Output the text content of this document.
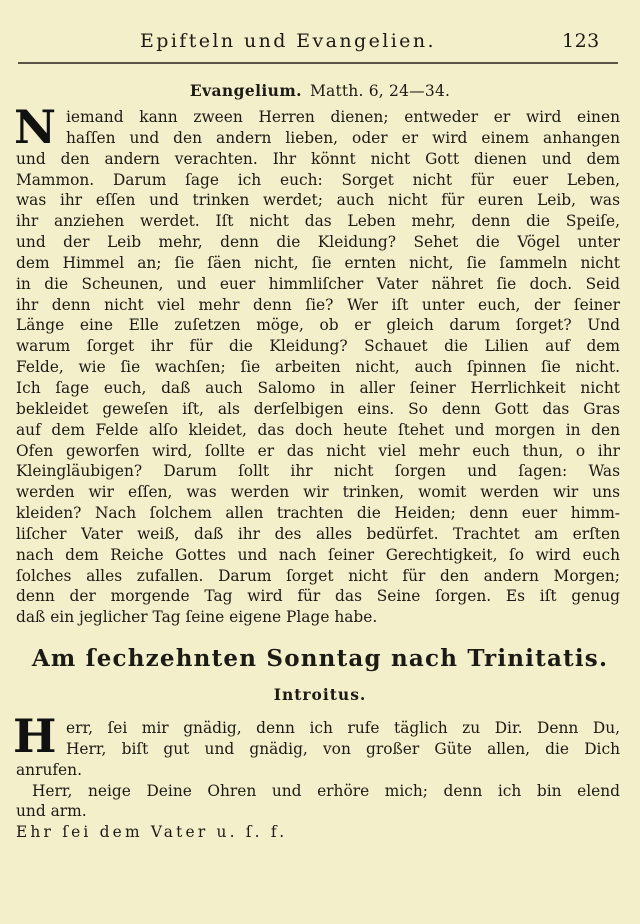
Epifteln und Evangelien.	123
Evangelium. Matth. 6, 24—34.
N iemand kann zween Herren dienen; entweder er wird einen
haſſen und den andern lieben, oder er wird einem anhangen
und den andern verachten. Ihr könnt nicht Gott dienen und dem
Mammon. Darum ſage ich euch: Sorget nicht für euer Leben,
was ihr eſſen und trinken werdet; auch nicht für euren Leib, was
ihr anziehen werdet. Iſt nicht das Leben mehr, denn die Speiſe,
und der Leib mehr, denn die Kleidung? Sehet die Vögel unter
dem Himmel an; ſie ſäen nicht, ſie ernten nicht, ſie ſammeln nicht
in die Scheunen, und euer himmliſcher Vater nähret ſie doch. Seid
ihr denn nicht viel mehr denn ſie? Wer iſt unter euch, der ſeiner
Länge eine Elle zuſetzen möge, ob er gleich darum ſorget? Und
warum ſorget ihr für die Kleidung? Schauet die Lilien auf dem
Felde, wie ſie wachſen; ſie arbeiten nicht, auch ſpinnen ſie nicht.
Ich ſage euch, daß auch Salomo in aller ſeiner Herrlichkeit nicht
bekleidet geweſen iſt, als derſelbigen eins. So denn Gott das Gras
auf dem Felde alſo kleidet, das doch heute ſtehet und morgen in den
Ofen geworfen wird, ſollte er das nicht viel mehr euch thun, o ihr
Kleingläubigen? Darum ſollt ihr nicht ſorgen und ſagen: Was
werden wir eſſen, was werden wir trinken, womit werden wir uns
kleiden? Nach ſolchem allen trachten die Heiden; denn euer himm-
liſcher Vater weiß, daß ihr des alles bedürfet. Trachtet am erſten
nach dem Reiche Gottes und nach ſeiner Gerechtigkeit, ſo wird euch
ſolches alles zufallen. Darum ſorget nicht für den andern Morgen;
denn der morgende Tag wird für das Seine ſorgen. Es iſt genug
daß ein jeglicher Tag ſeine eigene Plage habe.
Am ſechzehnten Sonntag nach Trinitatis.
Introitus.
H err, ſei mir gnädig, denn ich rufe täglich zu Dir. Denn Du,
Herr, biſt gut und gnädig, von großer Güte allen, die Dich
anrufen.
Herr, neige Deine Ohren und erhöre mich; denn ich bin elend
und arm.
Ehr ſei dem Vater u. ſ. f.
